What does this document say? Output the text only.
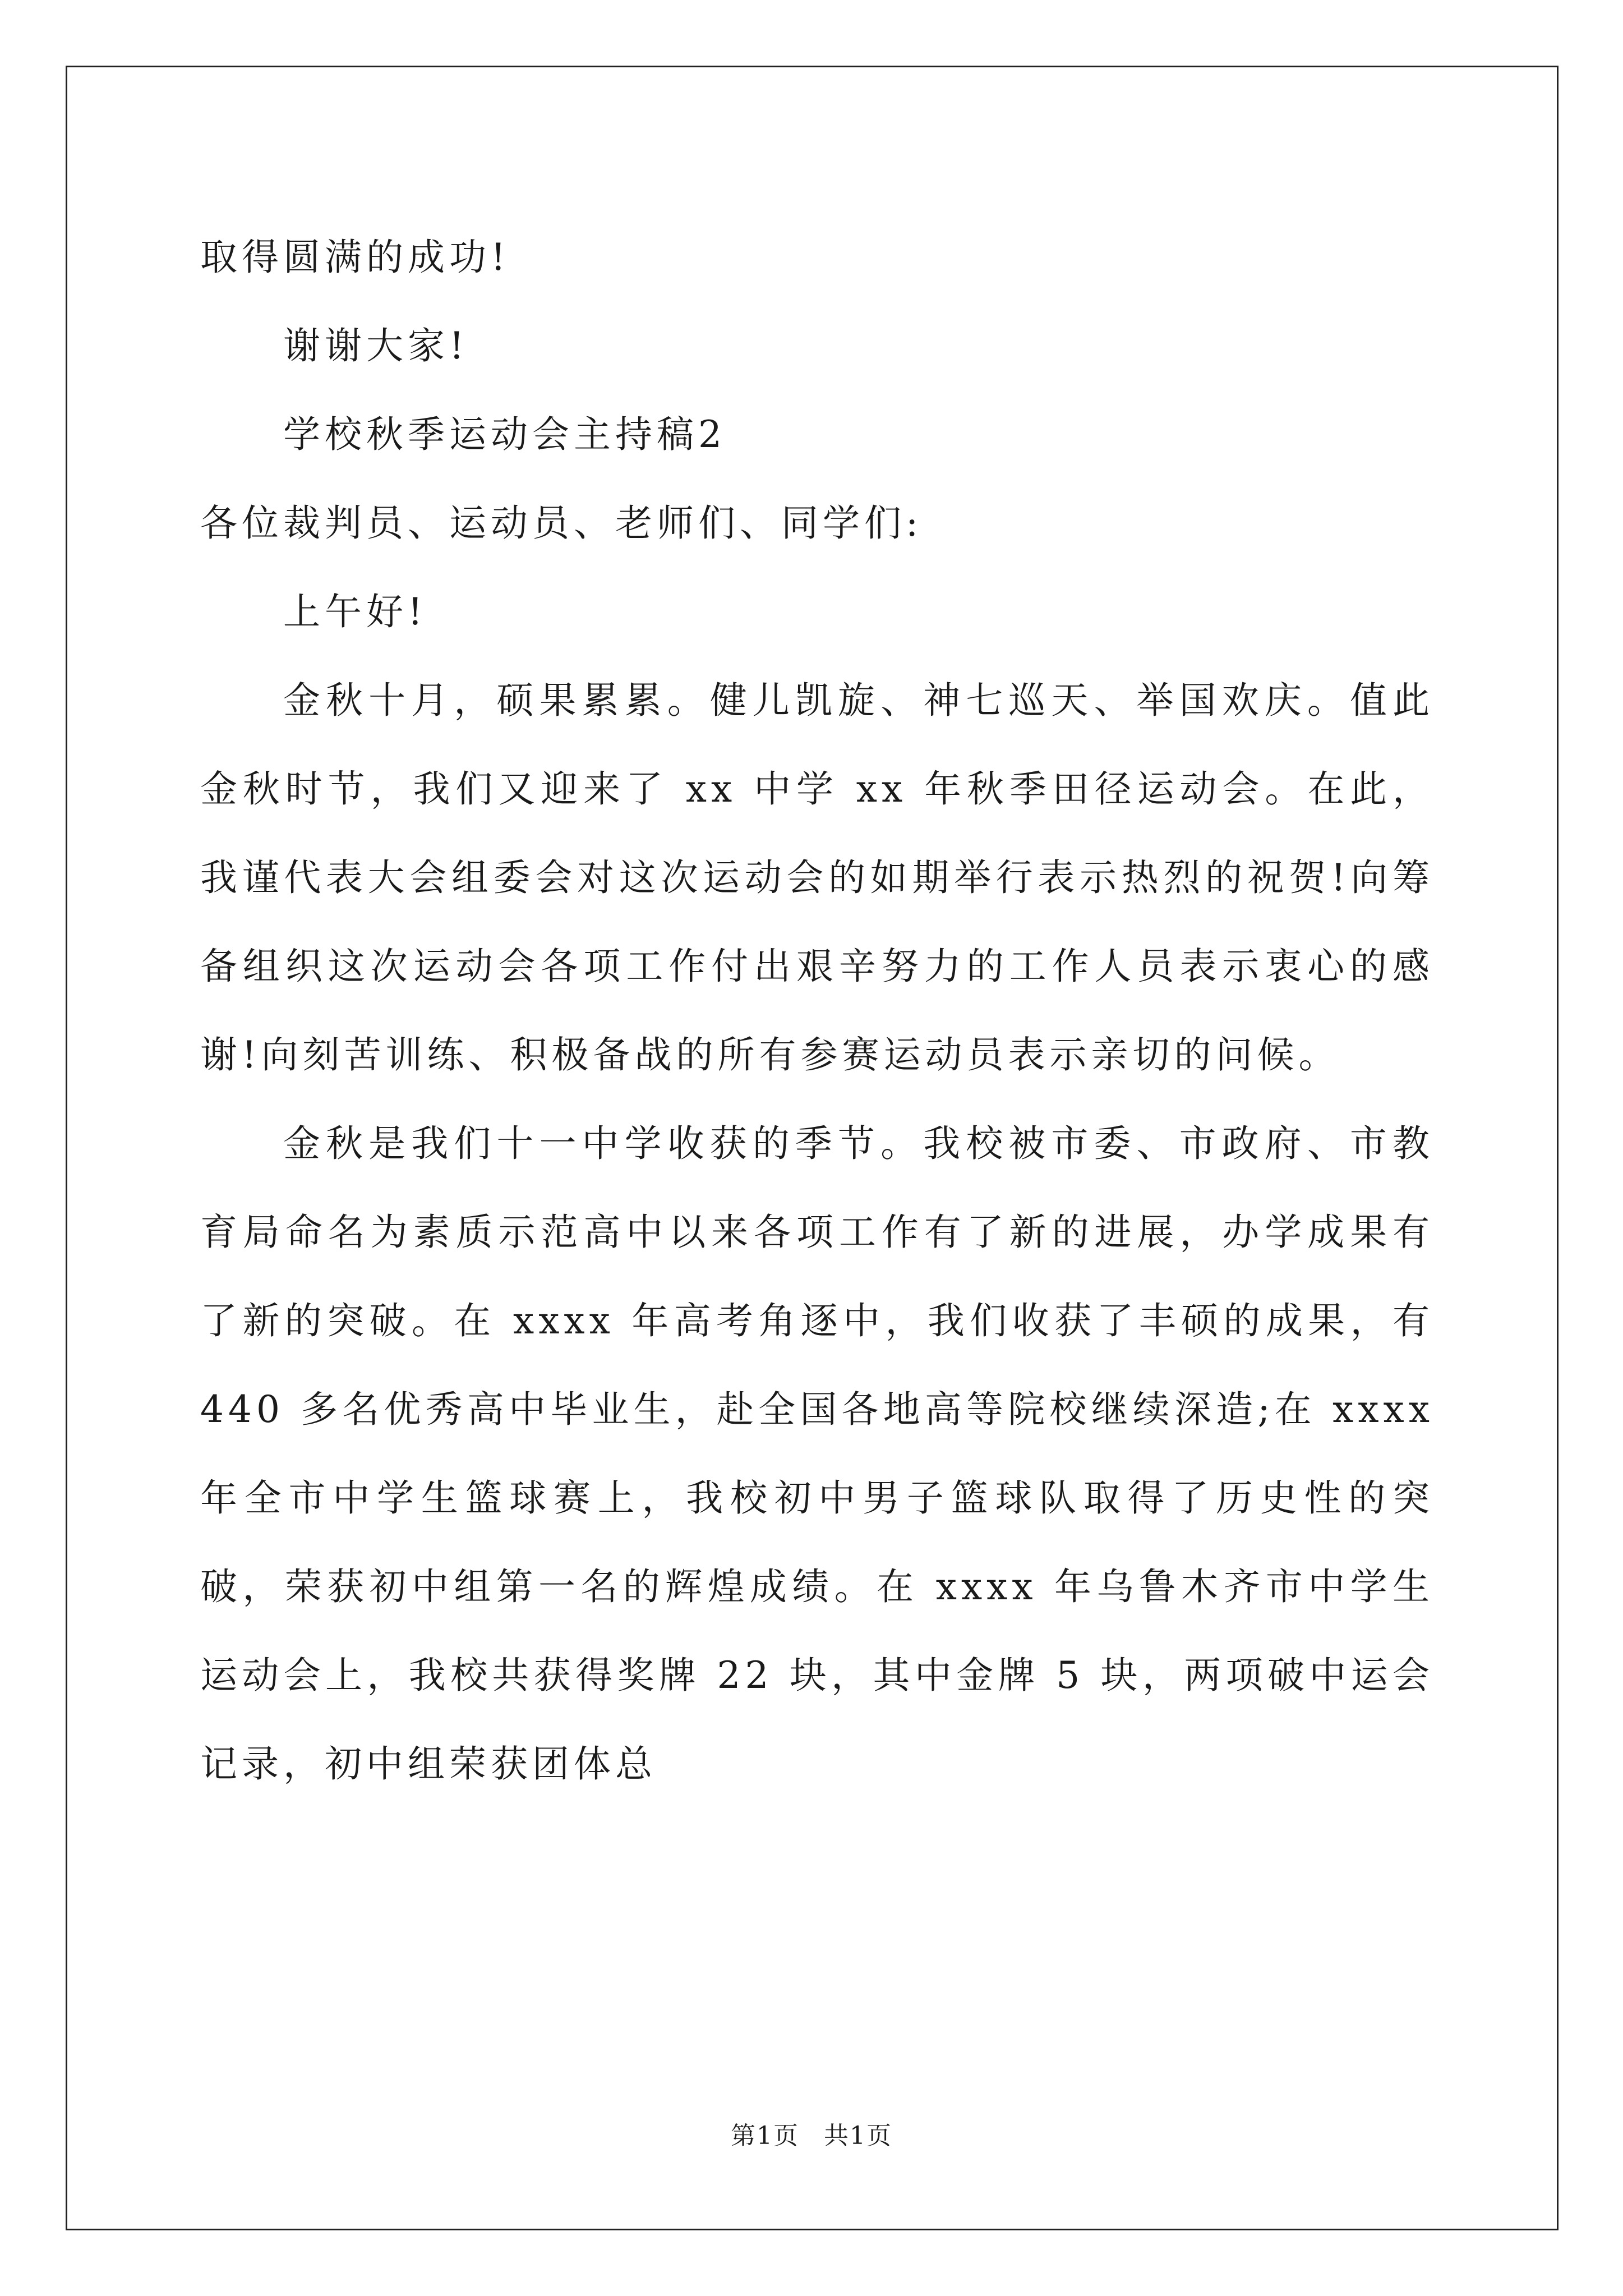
取得圆满的成功!

谢谢大家!

学校秋季运动会主持稿2

各位裁判员、运动员、老师们、同学们:

上午好!

金秋十月，硕果累累。健儿凯旋、神七巡天、举国欢庆。值此金秋时节，我们又迎来了 xx 中学 xx 年秋季田径运动会。在此，我谨代表大会组委会对这次运动会的如期举行表示热烈的祝贺!向筹备组织这次运动会各项工作付出艰辛努力的工作人员表示衷心的感谢!向刻苦训练、积极备战的所有参赛运动员表示亲切的问候。

金秋是我们十一中学收获的季节。我校被市委、市政府、市教育局命名为素质示范高中以来各项工作有了新的进展，办学成果有了新的突破。在 xxxx 年高考角逐中，我们收获了丰硕的成果，有 440 多名优秀高中毕业生，赴全国各地高等院校继续深造;在 xxxx 年全市中学生篮球赛上，我校初中男子篮球队取得了历史性的突破，荣获初中组第一名的辉煌成绩。在 xxxx 年乌鲁木齐市中学生运动会上，我校共获得奖牌 22 块，其中金牌 5 块，两项破中运会记录，初中组荣获团体总

第1页 共1页
